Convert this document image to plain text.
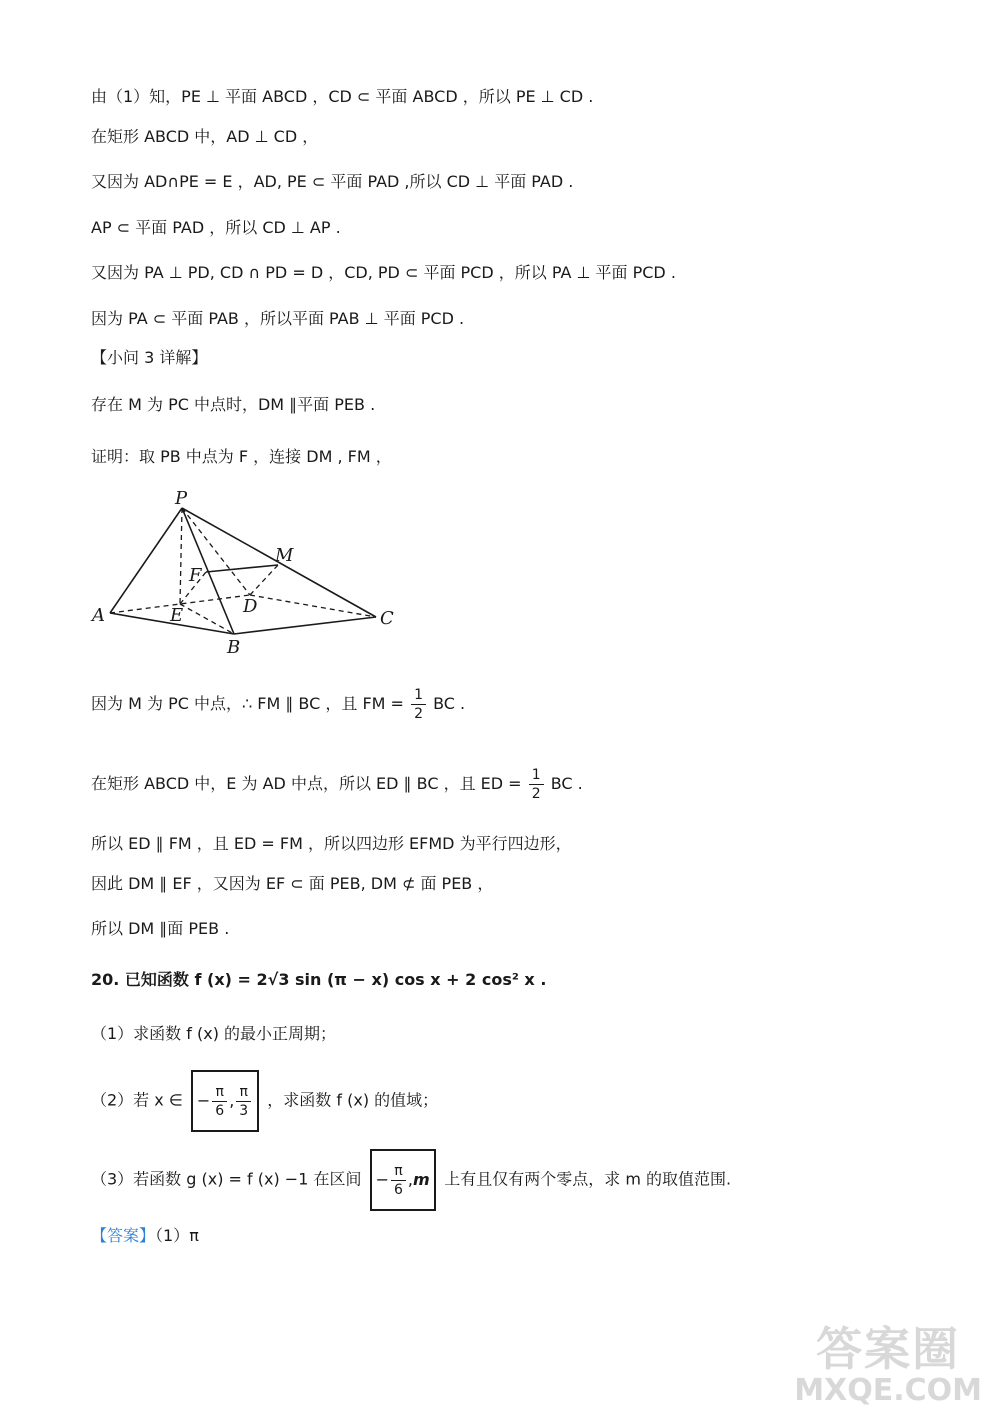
由（1）知，PE ⊥ 平面 ABCD ，CD ⊂ 平面 ABCD ，所以 PE ⊥ CD .
在矩形 ABCD 中，AD ⊥ CD ，
又因为 AD∩PE = E ，AD, PE ⊂ 平面 PAD ,所以 CD ⊥ 平面 PAD .
AP ⊂ 平面 PAD ，所以 CD ⊥ AP .
又因为 PA ⊥ PD, CD ∩ PD = D ，CD, PD ⊂ 平面 PCD ，所以 PA ⊥ 平面 PCD .
因为 PA ⊂ 平面 PAB ，所以平面 PAB ⊥ 平面 PCD .
【小问 3 详解】
存在 M 为 PC 中点时，DM ∥平面 PEB .
证明：取 PB 中点为 F ，连接 DM , FM ，
P
M
F
D
A	E	C
B
因为 M 为 PC 中点，∴ FM ∥ BC ，且 FM = $\frac{1}{2}$ BC .
在矩形 ABCD 中，E 为 AD 中点，所以 ED ∥ BC ，且 ED = $\frac{1}{2}$ BC .
所以 ED ∥ FM ，且 ED = FM ，所以四边形 EFMD 为平行四边形，
因此 DM ∥ EF ，又因为 EF ⊂ 面 PEB, DM ⊄ 面 PEB ，
所以 DM ∥面 PEB .
20. 已知函数 f (x) = 2√3 sin (π − x) cos x + 2 cos² x .
（1）求函数 f (x) 的最小正周期；
（2）若 x ∈ − $\frac{\pi}{6}$ , $\frac{\pi}{3}$ ，求函数 f (x) 的值域；
（3）若函数 g (x) = f (x) −1 在区间 − $\frac{\pi}{6} ,m$ 上有且仅有两个零点，求 m 的取值范围.
【答案】（1）π
答案圈
MXQE.COM
